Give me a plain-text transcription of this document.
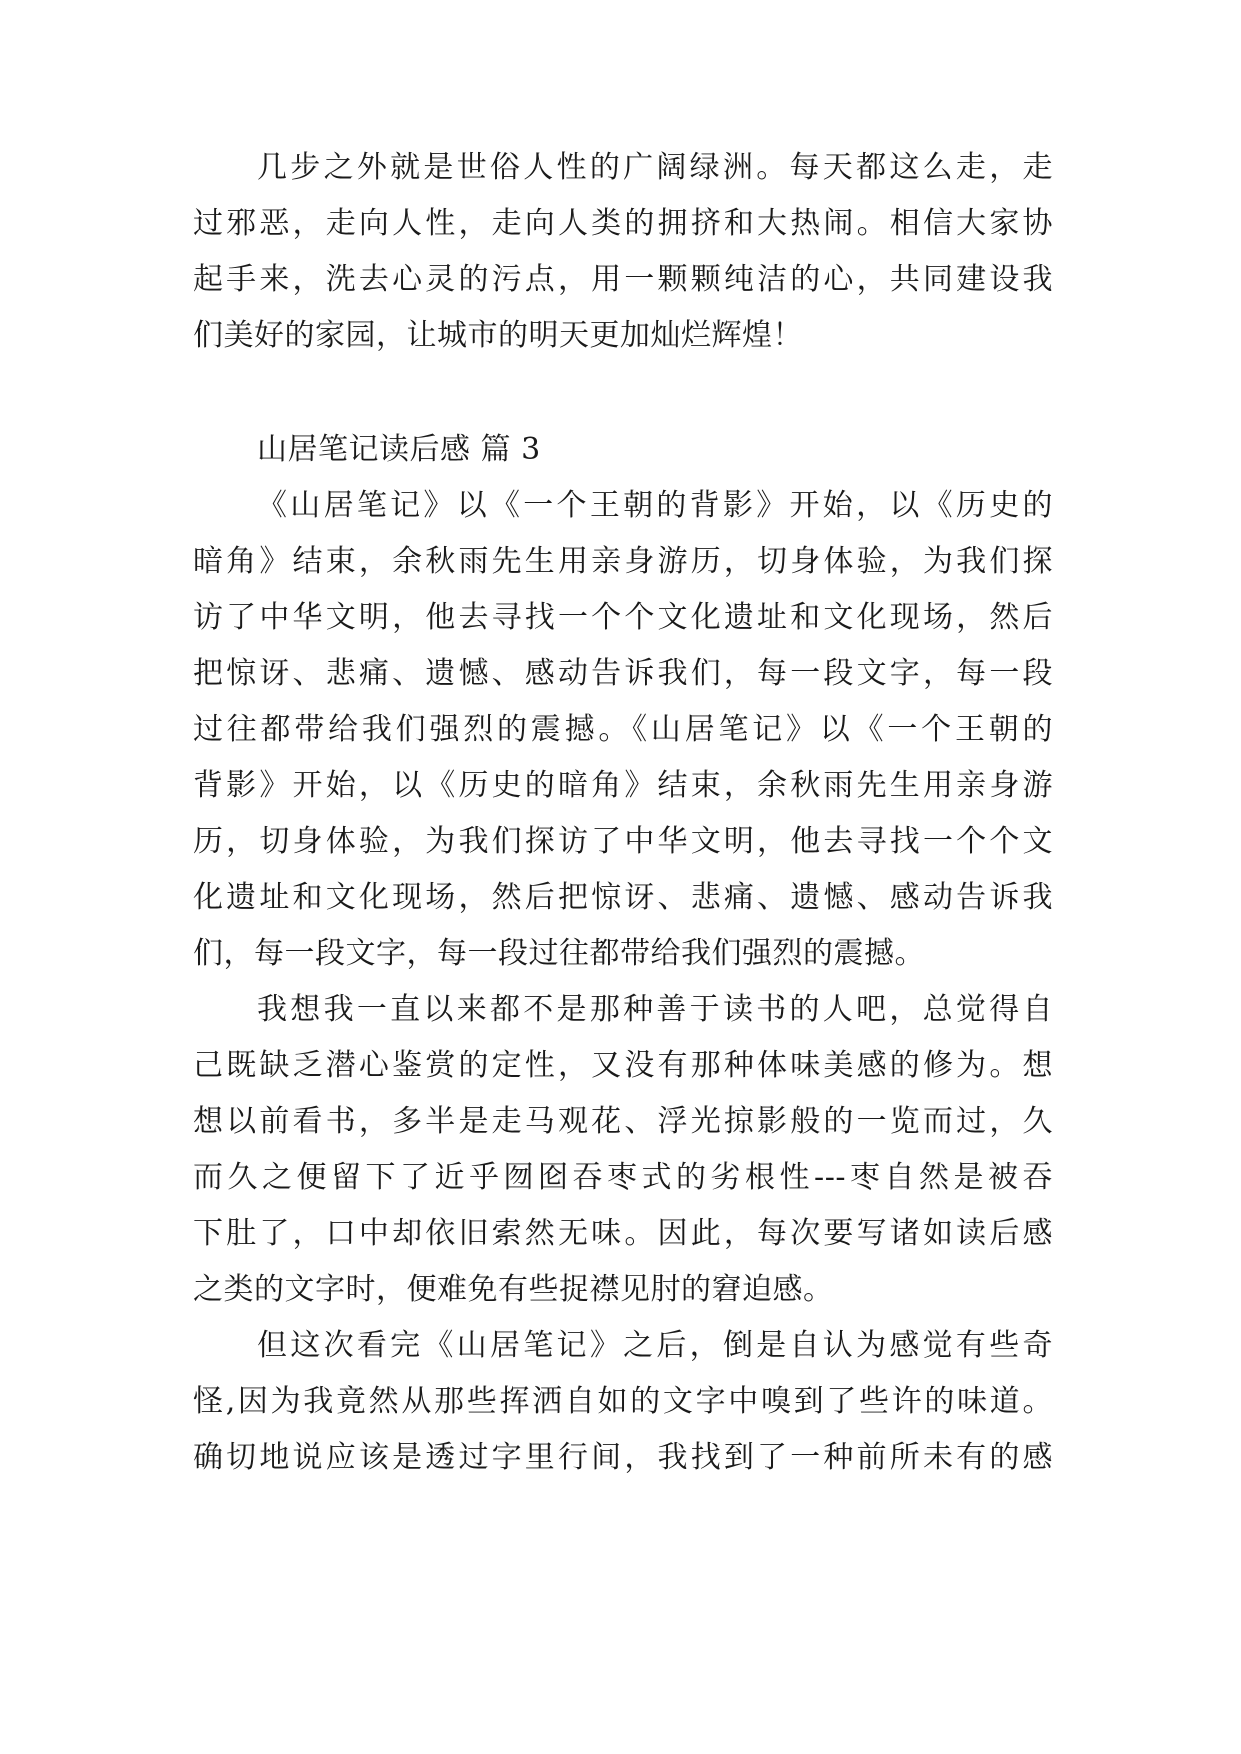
几步之外就是世俗人性的广阔绿洲。每天都这么走，走
过邪恶，走向人性，走向人类的拥挤和大热闹。相信大家协
起手来，洗去心灵的污点，用一颗颗纯洁的心，共同建设我
们美好的家园，让城市的明天更加灿烂辉煌！
山居笔记读后感 篇 3
《山居笔记》以《一个王朝的背影》开始，以《历史的
暗角》结束，余秋雨先生用亲身游历，切身体验，为我们探
访了中华文明，他去寻找一个个文化遗址和文化现场，然后
把惊讶、悲痛、遗憾、感动告诉我们，每一段文字，每一段
过往都带给我们强烈的震撼。《山居笔记》以《一个王朝的
背影》开始，以《历史的暗角》结束，余秋雨先生用亲身游
历，切身体验，为我们探访了中华文明，他去寻找一个个文
化遗址和文化现场，然后把惊讶、悲痛、遗憾、感动告诉我
们，每一段文字，每一段过往都带给我们强烈的震撼。
我想我一直以来都不是那种善于读书的人吧，总觉得自
己既缺乏潜心鉴赏的定性，又没有那种体味美感的修为。想
想以前看书，多半是走马观花、浮光掠影般的一览而过，久
而久之便留下了近乎囫囵吞枣式的劣根性---枣自然是被吞
下肚了，口中却依旧索然无味。因此，每次要写诸如读后感
之类的文字时，便难免有些捉襟见肘的窘迫感。
但这次看完《山居笔记》之后，倒是自认为感觉有些奇
怪,因为我竟然从那些挥洒自如的文字中嗅到了些许的味道。
确切地说应该是透过字里行间，我找到了一种前所未有的感
